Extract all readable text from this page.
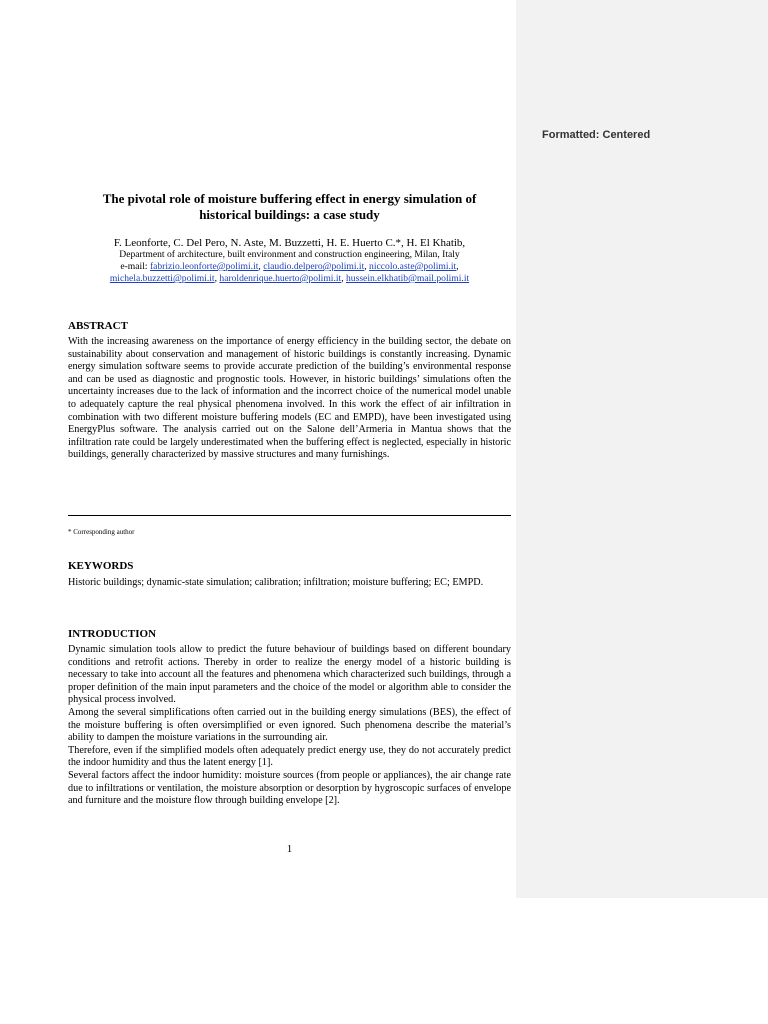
Formatted: Centered
The pivotal role of moisture buffering effect in energy simulation of
historical buildings: a case study
F. Leonforte, C. Del Pero, N. Aste, M. Buzzetti, H. E. Huerto C.*, H. El Khatib,
Department of architecture, built environment and construction engineering, Milan, Italy
e-mail: fabrizio.leonforte@polimi.it, claudio.delpero@polimi.it, niccolo.aste@polimi.it,
michela.buzzetti@polimi.it, haroldenrique.huerto@polimi.it, hussein.elkhatib@mail.polimi.it
ABSTRACT
With the increasing awareness on the importance of energy efficiency in the building sector, the debate on sustainability about conservation and management of historic buildings is constantly increasing. Dynamic energy simulation software seems to provide accurate prediction of the building’s environmental response and can be used as diagnostic and prognostic tools. However, in historic buildings’ simulations often the uncertainty increases due to the lack of information and the incorrect choice of the numerical model unable to adequately capture the real physical phenomena involved. In this work the effect of air infiltration in combination with two different moisture buffering models (EC and EMPD), have been investigated using EnergyPlus software. The analysis carried out on the Salone dell’Armeria in Mantua shows that the infiltration rate could be largely underestimated when the buffering effect is neglected, especially in historic buildings, generally characterized by massive structures and many furnishings.
* Corresponding author
KEYWORDS
Historic buildings; dynamic-state simulation; calibration; infiltration; moisture buffering; EC; EMPD.
INTRODUCTION

Dynamic simulation tools allow to predict the future behaviour of buildings based on different boundary conditions and retrofit actions. Thereby in order to realize the energy model of a historic building is necessary to take into account all the features and phenomena which characterized such buildings, through a proper definition of the main input parameters and the choice of the model or algorithm able to consider the physical process involved.

Among the several simplifications often carried out in the building energy simulations (BES), the effect of the moisture buffering is often oversimplified or even ignored. Such phenomena describe the material’s ability to dampen the moisture variations in the surrounding air.

Therefore, even if the simplified models often adequately predict energy use, they do not accurately predict the indoor humidity and thus the latent energy [1].

Several factors affect the indoor humidity: moisture sources (from people or appliances), the air change rate due to infiltrations or ventilation, the moisture absorption or desorption by hygroscopic surfaces of envelope and furniture and the moisture flow through building envelope [2].

1
